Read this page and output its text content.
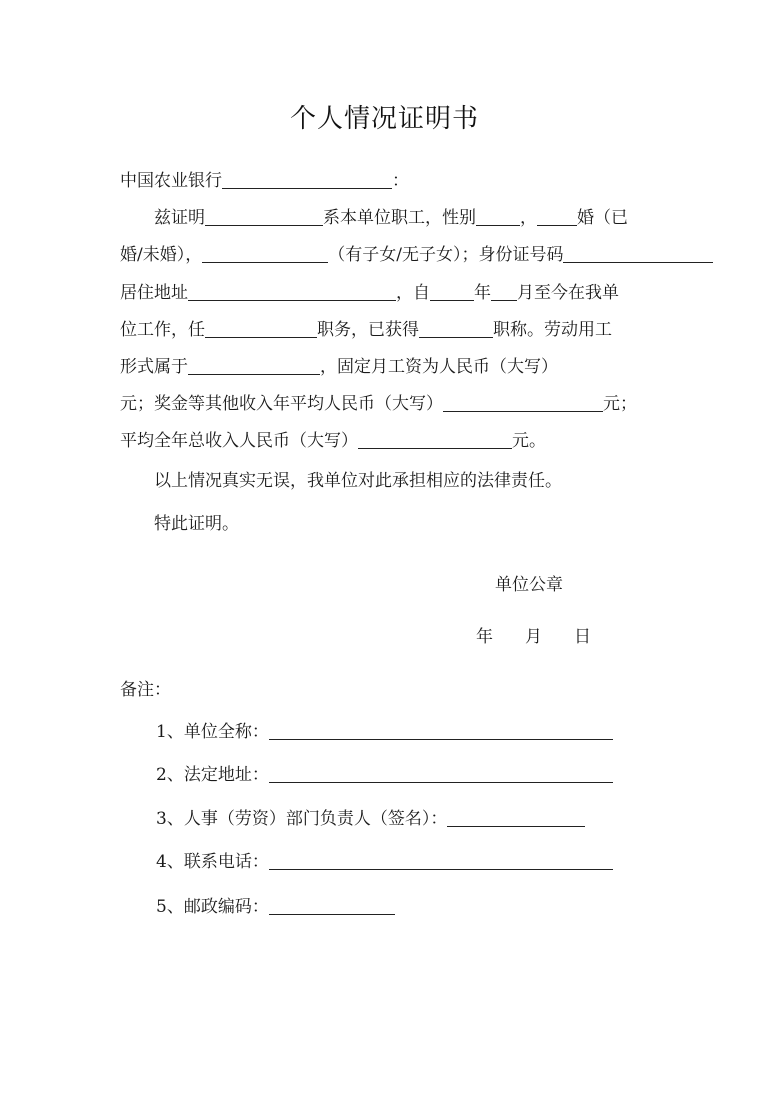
个人情况证明书
中国农业银行	：
兹证明	系本单位职工，性别	， 婚（已
婚/未婚），	（有子女/无子女）；身份证号码
居住地址	，自	年 月至今在我单
位工作，任	职务，已获得	职称。劳动用工
形式属于	，固定月工资为人民币（大写）
元；奖金等其他收入年平均人民币（大写）	元；
平均全年总收入人民币（大写）	元。
以上情况真实无误，我单位对此承担相应的法律责任。
特此证明。
单位公章
年 月 日
备注：
1、单位全称：
2、法定地址：
3、人事（劳资）部门负责人（签名）：
4、联系电话：
5、邮政编码：
